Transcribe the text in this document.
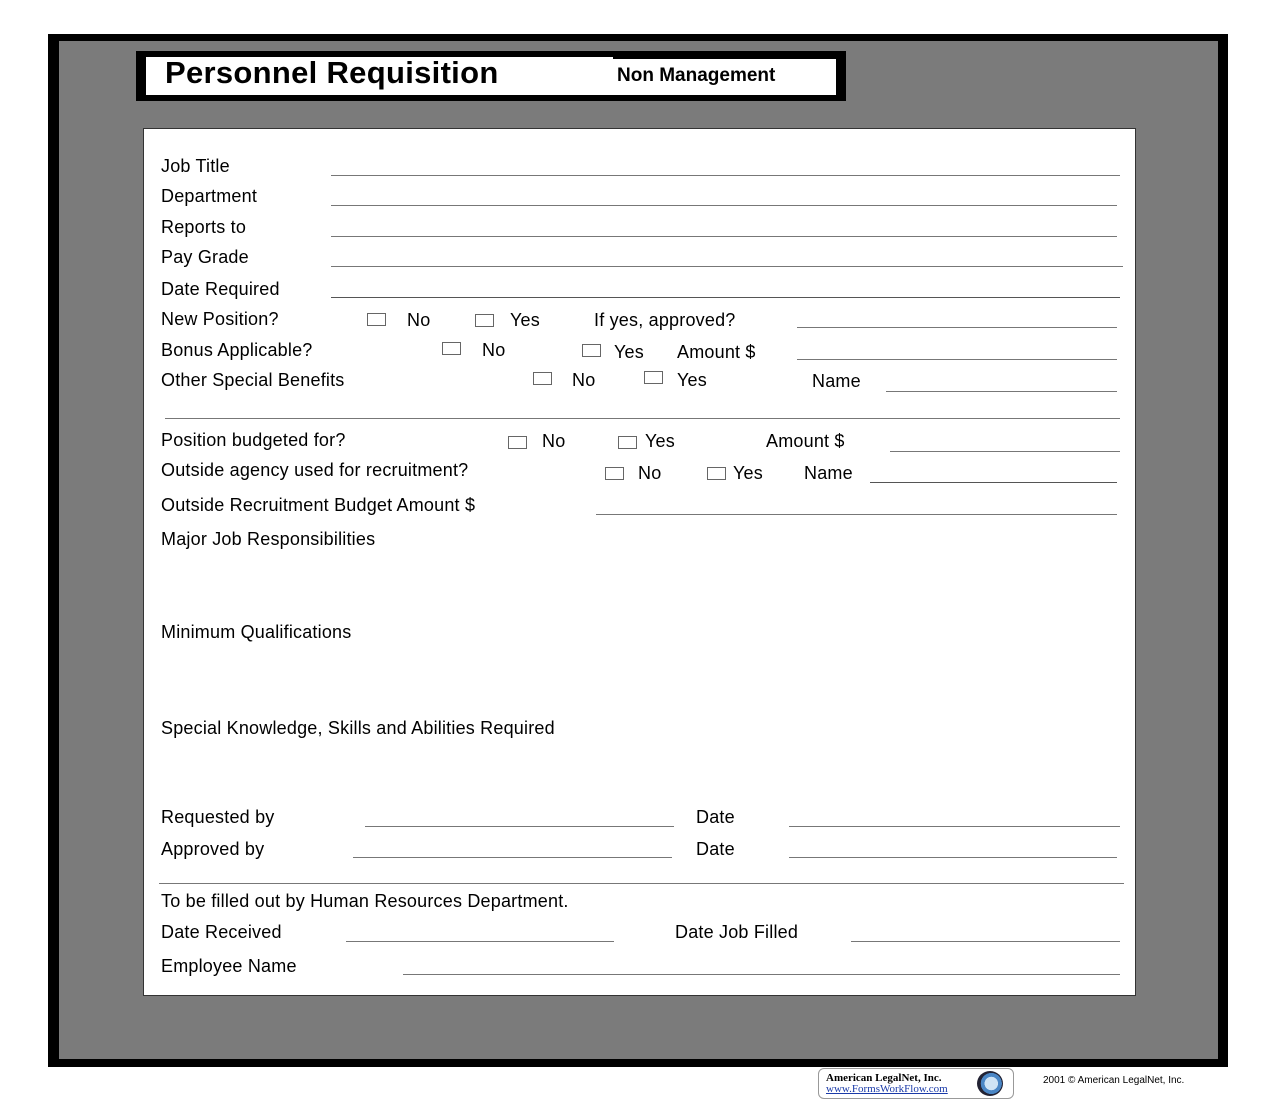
Personnel Requisition	Non Management
Job Title
Department
Reports to
Pay Grade
Date Required
New Position?	No	Yes	If yes, approved?
Bonus Applicable?	No	Yes Amount $
Other Special Benefits	No	Yes	Name
Position budgeted for?	No	Yes	Amount $
Outside agency used for recruitment?	No	Yes Name
Outside Recruitment Budget Amount $
Major Job Responsibilities
Minimum Qualifications
Special Knowledge, Skills and Abilities Required
Requested by	Date
Approved by	Date
To be filled out by Human Resources Department.
Date Received	Date Job Filled
Employee Name
American LegalNet, Inc.
www.FormsWorkFlow.com
2001 © American LegalNet, Inc.
